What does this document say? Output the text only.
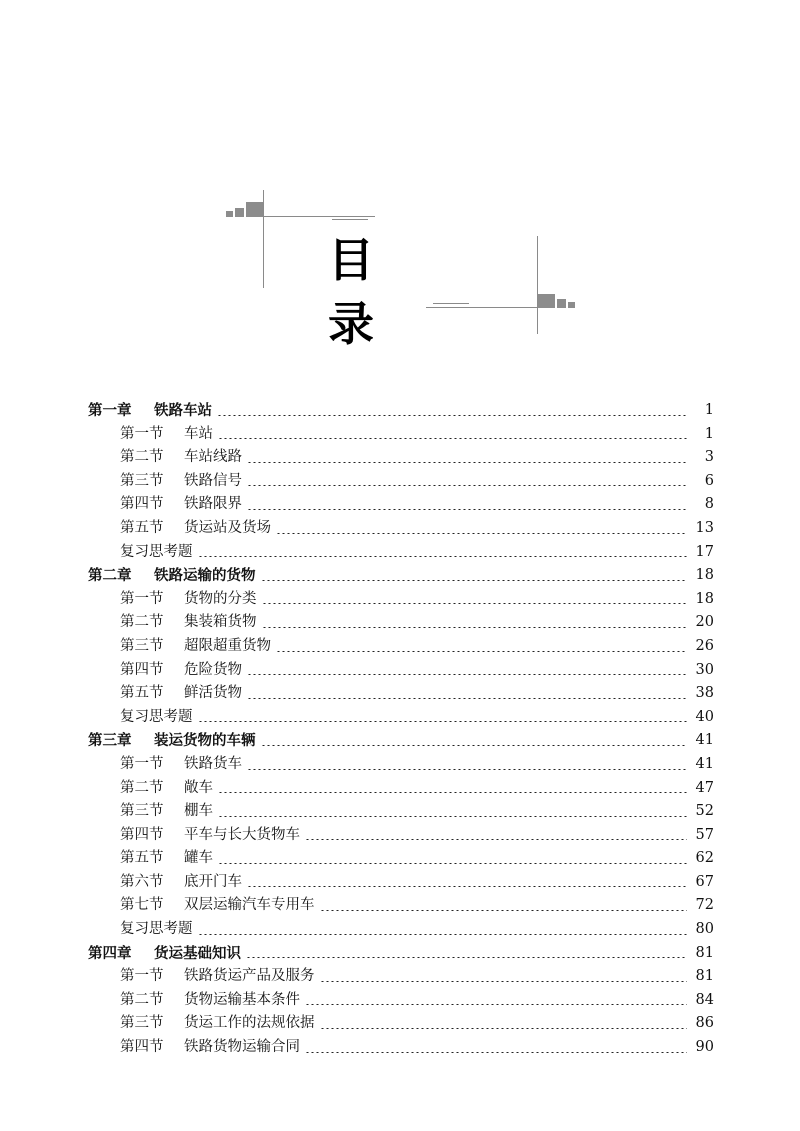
目 录
第一章	铁路车站	1
第一节	车站	1
第二节	车站线路	3
第三节	铁路信号	6
第四节	铁路限界	8
第五节	货运站及货场	13
复习思考题	17
第二章	铁路运输的货物	18
第一节	货物的分类	18
第二节	集装箱货物	20
第三节	超限超重货物	26
第四节	危险货物	30
第五节	鲜活货物	38
复习思考题	40
第三章	装运货物的车辆	41
第一节	铁路货车	41
第二节	敞车	47
第三节	棚车	52
第四节	平车与长大货物车	57
第五节	罐车	62
第六节	底开门车	67
第七节	双层运输汽车专用车	72
复习思考题	80
第四章	货运基础知识	81
第一节	铁路货运产品及服务	81
第二节	货物运输基本条件	84
第三节	货运工作的法规依据	86
第四节	铁路货物运输合同	90
